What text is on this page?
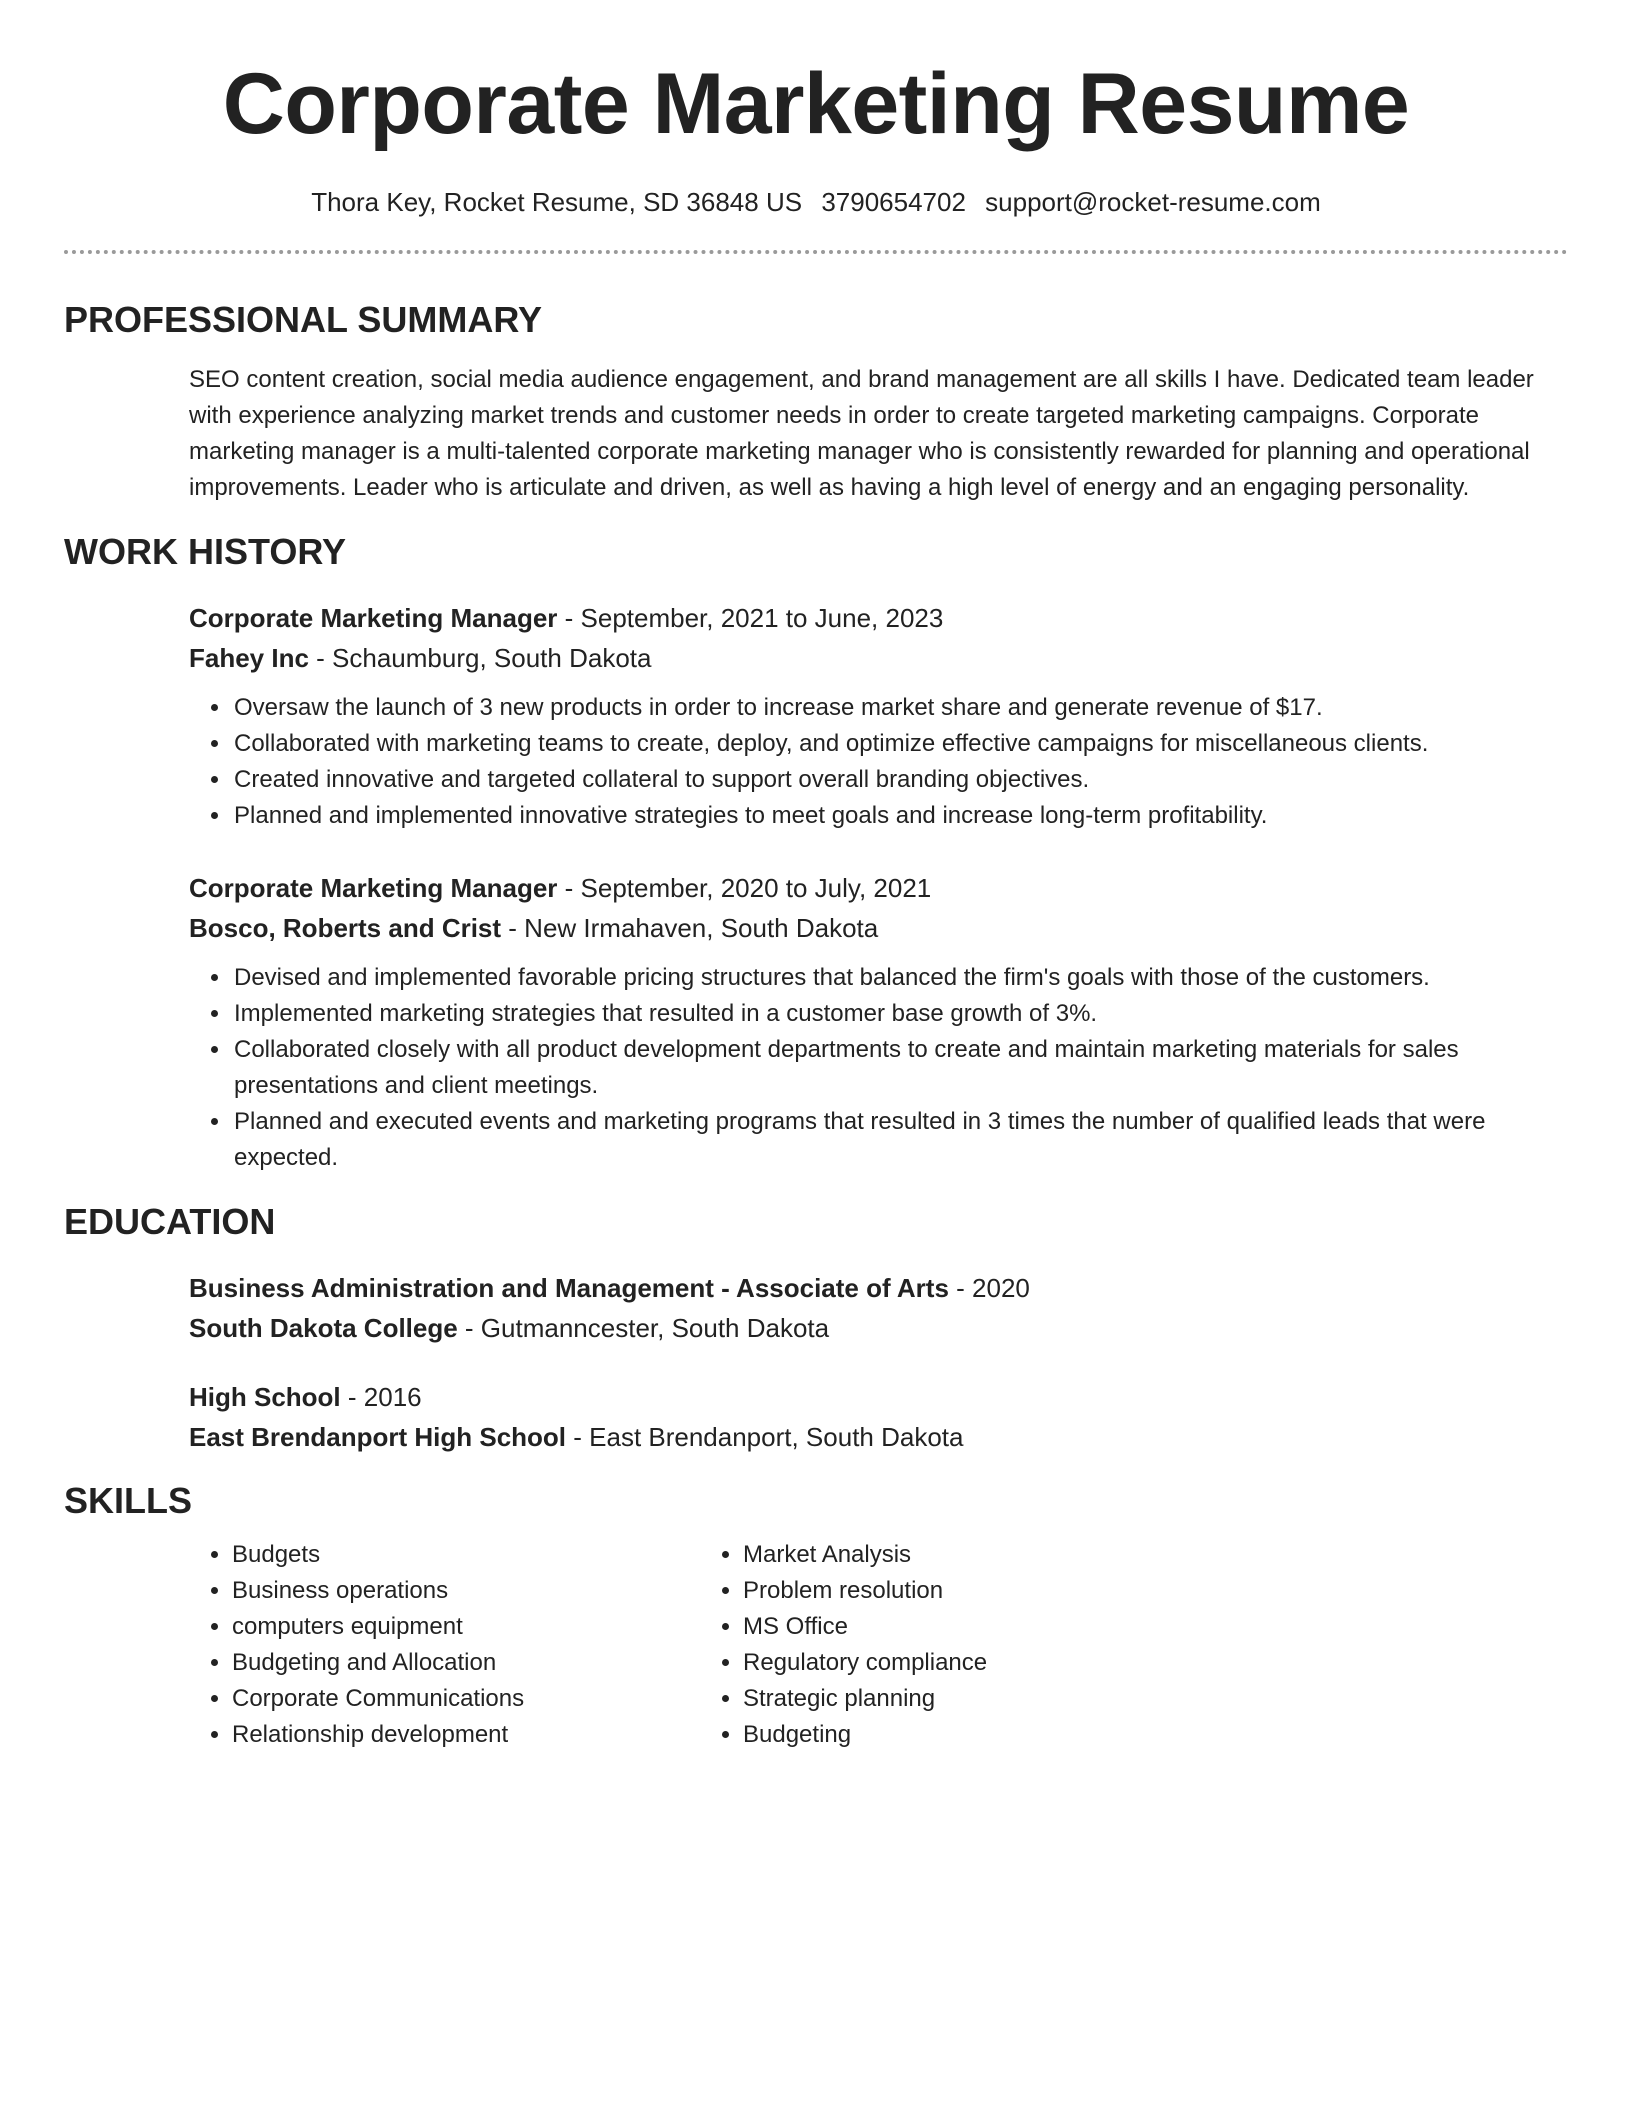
Corporate Marketing Resume
Thora Key, Rocket Resume, SD 36848 US 3790654702 support@rocket-resume.com
PROFESSIONAL SUMMARY

SEO content creation, social media audience engagement, and brand management are all skills I have. Dedicated team leader with experience analyzing market trends and customer needs in order to create targeted marketing campaigns. Corporate marketing manager is a multi-talented corporate marketing manager who is consistently rewarded for planning and operational improvements. Leader who is articulate and driven, as well as having a high level of energy and an engaging personality.

WORK HISTORY
Corporate Marketing Manager - September, 2021 to June, 2023
Fahey Inc - Schaumburg, South Dakota
• Oversaw the launch of 3 new products in order to increase market share and generate revenue of $17.
• Collaborated with marketing teams to create, deploy, and optimize effective campaigns for miscellaneous clients.
• Created innovative and targeted collateral to support overall branding objectives.
• Planned and implemented innovative strategies to meet goals and increase long-term profitability.
Corporate Marketing Manager - September, 2020 to July, 2021
Bosco, Roberts and Crist - New Irmahaven, South Dakota
• Devised and implemented favorable pricing structures that balanced the firm's goals with those of the customers.
• Implemented marketing strategies that resulted in a customer base growth of 3%.
• Collaborated closely with all product development departments to create and maintain marketing materials for sales presentations and client meetings.
• Planned and executed events and marketing programs that resulted in 3 times the number of qualified leads that were expected.
EDUCATION
Business Administration and Management - Associate of Arts - 2020
South Dakota College - Gutmanncester, South Dakota
High School - 2016
East Brendanport High School - East Brendanport, South Dakota
SKILLS
• Budgets
• Business operations
• computers equipment
• Budgeting and Allocation
• Corporate Communications
• Relationship development
• Market Analysis
• Problem resolution
• MS Office
• Regulatory compliance
• Strategic planning
• Budgeting
